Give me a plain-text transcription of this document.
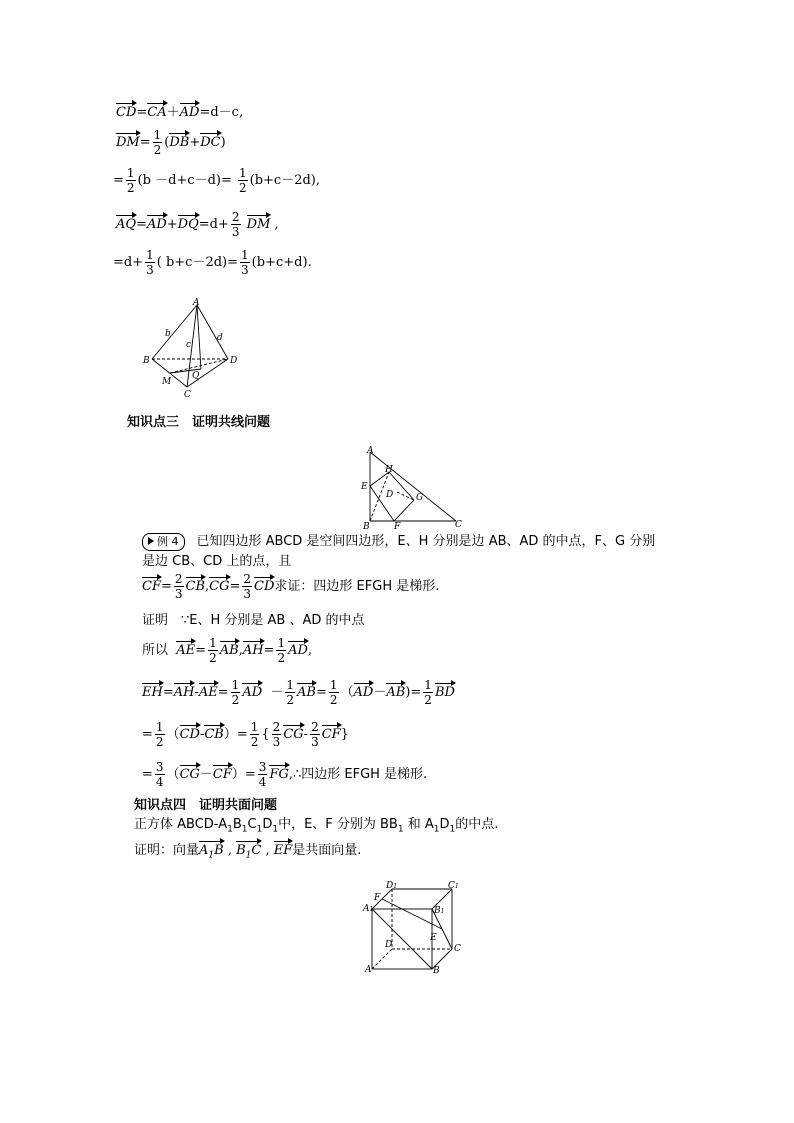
CD=CA＋AD=d－c,
$DM= \frac{1}{2} (DB+DC)$
= $\frac{1}{2} (b -d+c-d)= \frac{1}{2} (b+c-2d)$,
$AQ=AD+DQ=d+ \frac{2}{3}$ DM ,
$=d+ \frac{1}{3}$ ( $b+c-2d)= \frac{1}{3} (b+c+d)$.
A
B
C
D
M
Q
b
c
d
知识点三　证明共线问题
A
H
E
D	G
B	F	C
例 4 已知四边形 ABCD 是空间四边形，E、H 分别是边 AB、AD 的中点，F、G 分别
是边 CB、CD 上的点，且
$CF= \frac{2}{3} CB,CG= \frac{2}{3}$ CD求证：四边形 EFGH 是梯形.
证明　∵E、H 分别是 AB 、AD 的中点
所以 $AE= \frac{1}{2} AB,AH= \frac{1}{2}$ AD,
$EH=AH-AE= \frac{1}{2}$ AD  － $\frac{1}{2} AB= \frac{1}{2} (AD-AB)= \frac{1}{2}$ BD
= $\frac{1}{2} (CD-CB)= \frac{1}{2}$ { $\frac{2}{3} CG- \frac{2}{3} CF$}
= $\frac{3}{4} (CG-CF)= \frac{3}{4}$ FG,∴四边形 EFGH 是梯形.
知识点四　证明共面问题
正方体 ABCD-$A_1B_1C_1D_1$中，E、F 分别为 $BB_1$ 和 $A_1D_1$的中点.
证明：向量$A_1B$ , $B_1C$ , EF是共面向量.
D1	C1
A1	B1
F
E
D	C
A	B
